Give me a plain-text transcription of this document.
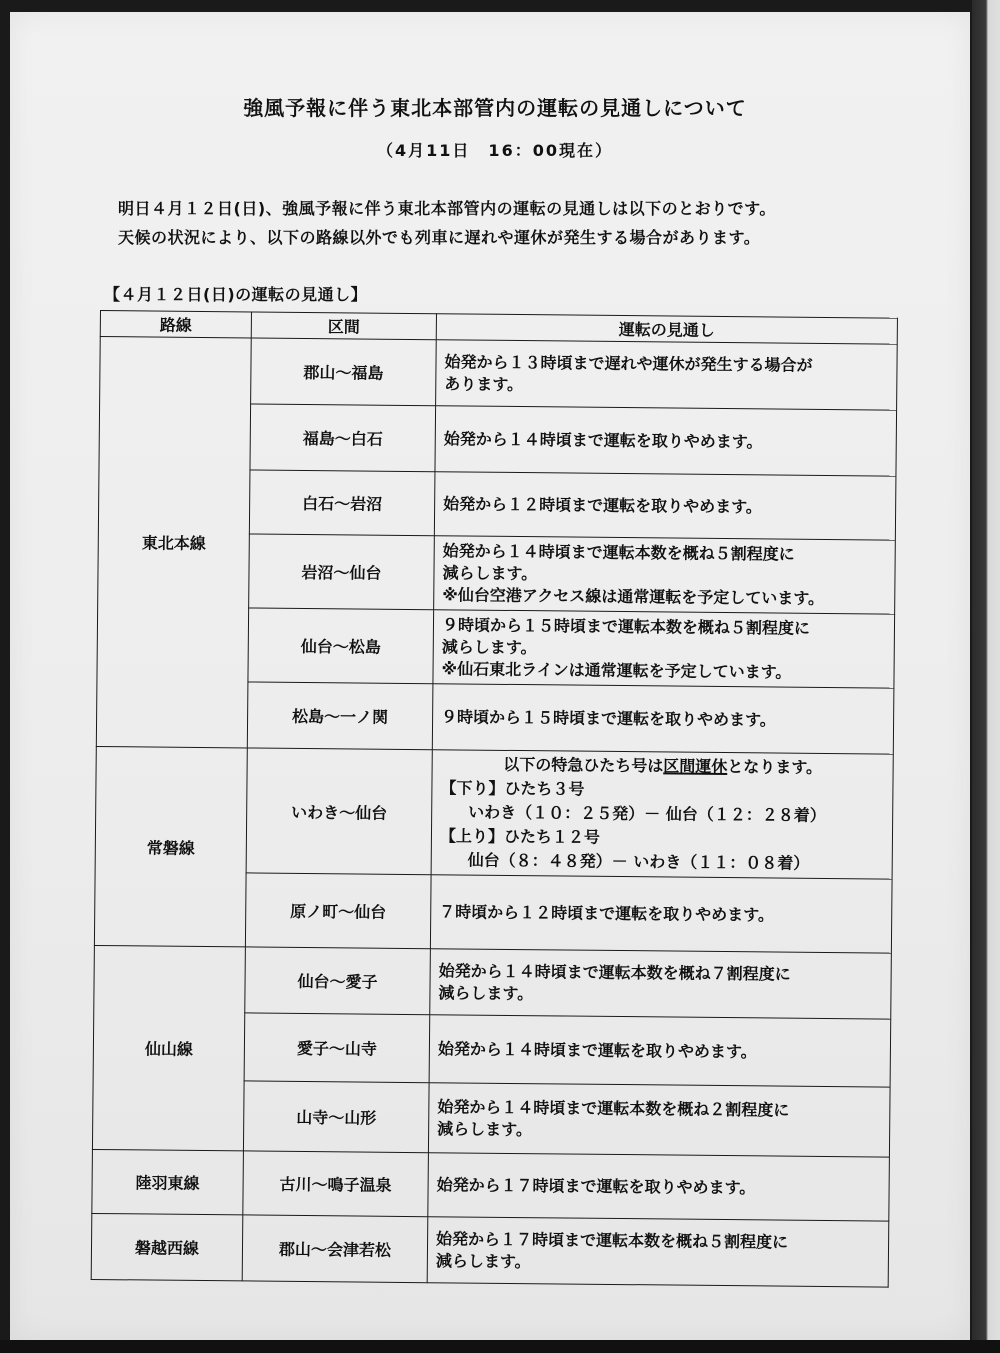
強風予報に伴う東北本部管内の運転の見通しについて
（4月11日　16：00現在）

明日４月１２日(日)、強風予報に伴う東北本部管内の運転の見通しは以下のとおりです。

天候の状況により、以下の路線以外でも列車に遅れや運休が発生する場合があります。

【４月１２日(日)の運転の見通し】
路線	区間	運転の見通し
東北本線	郡山～福島	始発から１３時頃まで遅れや運休が発生する場合が
あります。

	福島～白石	始発から１４時頃まで運転を取りやめます。

	白石～岩沼	始発から１２時頃まで運転を取りやめます。

	岩沼～仙台	始発から１４時頃まで運転本数を概ね５割程度に
減らします。
※仙台空港アクセス線は通常運転を予定しています。

	仙台～松島	９時頃から１５時頃まで運転本数を概ね５割程度に
減らします。
※仙石東北ラインは通常運転を予定しています。

	松島～一ノ関	９時頃から１５時頃まで運転を取りやめます。

常磐線	いわき～仙台	以下の特急ひたち号は区間運休となります。
【下り】ひたち３号
いわき（１０：２５発）－ 仙台（１２：２８着）
【上り】ひたち１２号
仙台（８：４８発）－ いわき（１１：０８着）

	原ノ町～仙台	７時頃から１２時頃まで運転を取りやめます。

仙山線	仙台～愛子	始発から１４時頃まで運転本数を概ね７割程度に
減らします。

	愛子～山寺	始発から１４時頃まで運転を取りやめます。

	山寺～山形	始発から１４時頃まで運転本数を概ね２割程度に
減らします。

陸羽東線	古川～鳴子温泉	始発から１７時頃まで運転を取りやめます。

磐越西線	郡山～会津若松	始発から１７時頃まで運転本数を概ね５割程度に
減らします。
